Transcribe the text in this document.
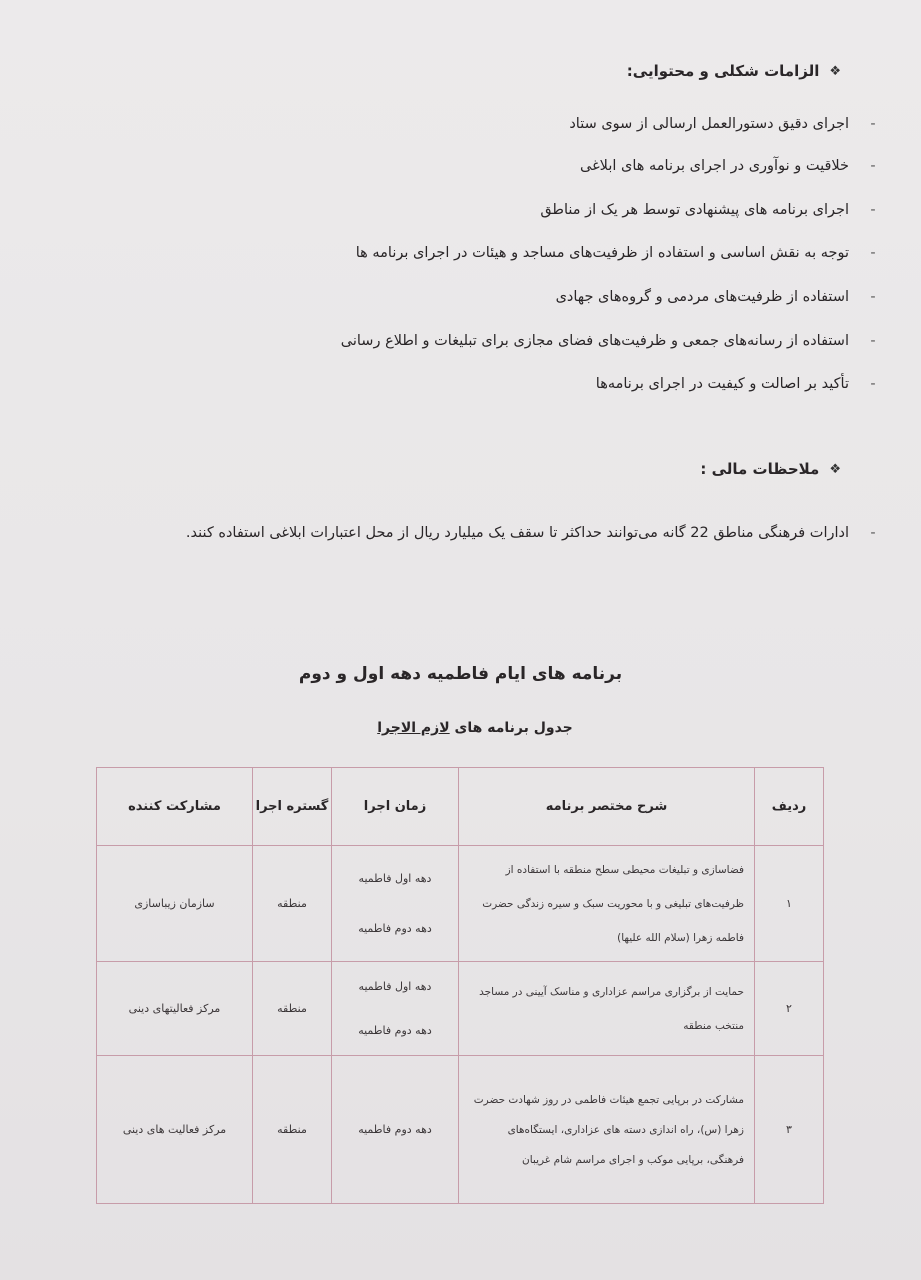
❖
الزامات شکلی و محتوایی:
-
اجرای دقیق دستورالعمل ارسالی از سوی ستاد
-
خلاقیت و نوآوری در اجرای برنامه های ابلاغی
-
اجرای برنامه های پیشنهادی توسط هر یک از مناطق
-
توجه به نقش اساسی و استفاده از ظرفیت‌های مساجد و هیئات در اجرای برنامه ها
-
استفاده از ظرفیت‌های مردمی و گروه‌های جهادی
-
استفاده از رسانه‌های جمعی و ظرفیت‌های فضای مجازی برای تبلیغات و اطلاع رسانی
-
تأکید بر اصالت و کیفیت در اجرای برنامه‌ها
❖
ملاحظات مالی :
-
ادارات فرهنگی مناطق 22 گانه می‌توانند حداکثر تا سقف یک میلیارد ریال از محل اعتبارات ابلاغی استفاده کنند.
برنامه های ایام فاطمیه دهه اول و دوم
جدول برنامه های لازم الاجرا
ردیف	شرح مختصر برنامه	زمان اجرا	گستره اجرا	مشارکت کننده
۱	فضاسازی و تبلیغات محیطی سطح منطقه با استفاده از ظرفیت‌های تبلیغی و با محوریت سبک و سیره زندگی حضرت فاطمه زهرا (سلام الله علیها)	دهه اول فاطمیه
دهه دوم فاطمیه	منطقه	سازمان زیباسازی
۲	حمایت از برگزاری مراسم عزاداری و مناسک آیینی در مساجد منتخب منطقه	دهه اول فاطمیه
دهه دوم فاطمیه	منطقه	مرکز فعالیتهای دینی
۳	مشارکت در برپایی تجمع هیئات فاطمی در روز شهادت حضرت زهرا (س)، راه اندازی دسته های عزاداری، ایستگاه‌های فرهنگی، برپایی موکب و اجرای مراسم شام غریبان	دهه دوم فاطمیه	منطقه	مرکز فعالیت های دینی
